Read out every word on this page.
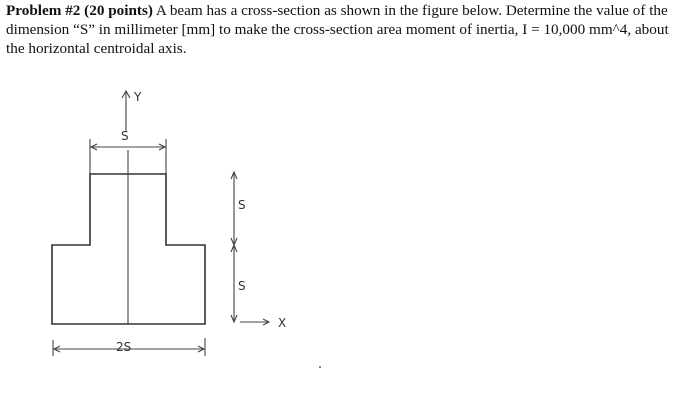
Problem #2 (20 points) A beam has a cross-section as shown in the figure below. Determine the value of the dimension “S” in millimeter [mm] to make the cross-section area moment of inertia, I = 10,000 mm^4, about the horizontal centroidal axis.
Y
S
S
S
X
2S
